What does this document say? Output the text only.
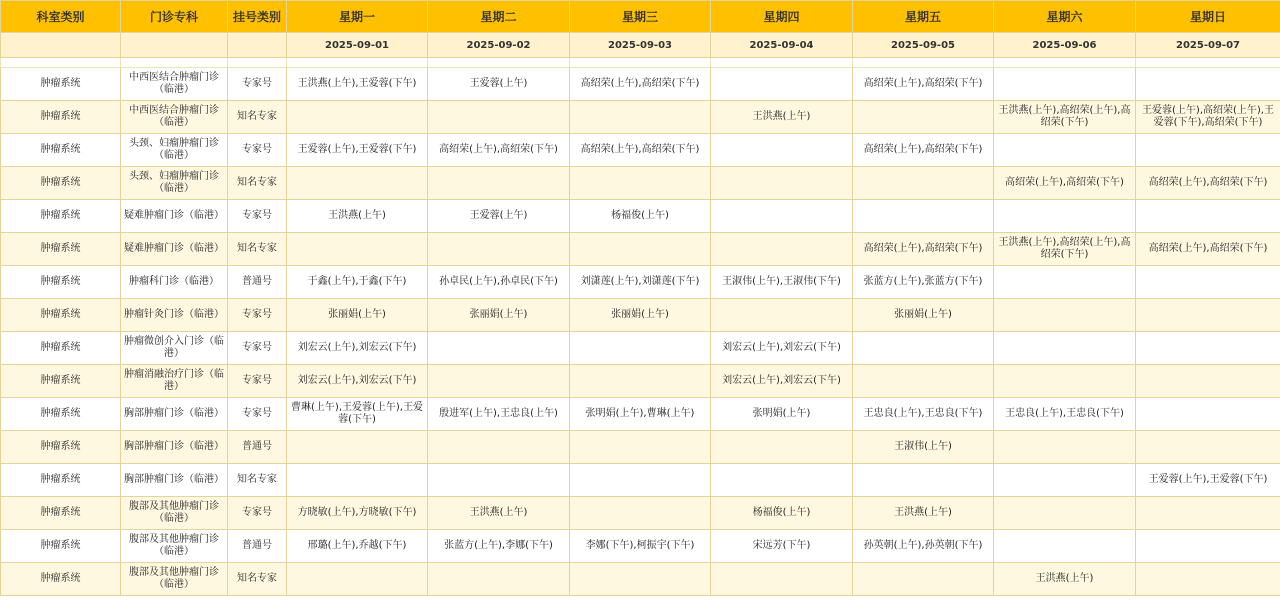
科室类别	门诊专科	挂号类别	星期一	星期二	星期三	星期四	星期五	星期六	星期日
			2025-09-01	2025-09-02	2025-09-03	2025-09-04	2025-09-05	2025-09-06	2025-09-07

肿瘤系统	中西医结合肿瘤门诊（临港）	专家号	王洪燕(上午),王爱蓉(下午)	王爱蓉(上午)	高绍荣(上午),高绍荣(下午)		高绍荣(上午),高绍荣(下午)		
肿瘤系统	中西医结合肿瘤门诊（临港）	知名专家				王洪燕(上午)		王洪燕(上午),高绍荣(上午),高绍荣(下午)	王爱蓉(上午),高绍荣(上午),王爱蓉(下午),高绍荣(下午)
肿瘤系统	头颈、妇瘤肿瘤门诊（临港）	专家号	王爱蓉(上午),王爱蓉(下午)	高绍荣(上午),高绍荣(下午)	高绍荣(上午),高绍荣(下午)		高绍荣(上午),高绍荣(下午)		
肿瘤系统	头颈、妇瘤肿瘤门诊（临港）	知名专家						高绍荣(上午),高绍荣(下午)	高绍荣(上午),高绍荣(下午)
肿瘤系统	疑难肿瘤门诊（临港）	专家号	王洪燕(上午)	王爱蓉(上午)	杨福俊(上午)				
肿瘤系统	疑难肿瘤门诊（临港）	知名专家					高绍荣(上午),高绍荣(下午)	王洪燕(上午),高绍荣(上午),高绍荣(下午)	高绍荣(上午),高绍荣(下午)
肿瘤系统	肿瘤科门诊（临港）	普通号	于鑫(上午),于鑫(下午)	孙卓民(上午),孙卓民(下午)	刘潇莲(上午),刘潇莲(下午)	王淑伟(上午),王淑伟(下午)	张蓝方(上午),张蓝方(下午)		
肿瘤系统	肿瘤针灸门诊（临港）	专家号	张丽娟(上午)	张丽娟(上午)	张丽娟(上午)		张丽娟(上午)		
肿瘤系统	肿瘤微创介入门诊（临港）	专家号	刘宏云(上午),刘宏云(下午)			刘宏云(上午),刘宏云(下午)			
肿瘤系统	肿瘤消融治疗门诊（临港）	专家号	刘宏云(上午),刘宏云(下午)			刘宏云(上午),刘宏云(下午)			
肿瘤系统	胸部肿瘤门诊（临港）	专家号	曹琳(上午),王爱蓉(上午),王爱蓉(下午)	殷进军(上午),王忠良(上午)	张明娟(上午),曹琳(上午)	张明娟(上午)	王忠良(上午),王忠良(下午)	王忠良(上午),王忠良(下午)	
肿瘤系统	胸部肿瘤门诊（临港）	普通号					王淑伟(上午)		
肿瘤系统	胸部肿瘤门诊（临港）	知名专家							王爱蓉(上午),王爱蓉(下午)
肿瘤系统	腹部及其他肿瘤门诊（临港）	专家号	方晓敏(上午),方晓敏(下午)	王洪燕(上午)		杨福俊(上午)	王洪燕(上午)		
肿瘤系统	腹部及其他肿瘤门诊（临港）	普通号	邢璐(上午),乔越(下午)	张蓝方(上午),李娜(下午)	李娜(下午),柯振宇(下午)	宋远芳(下午)	孙英朝(上午),孙英朝(下午)		
肿瘤系统	腹部及其他肿瘤门诊（临港）	知名专家						王洪燕(上午)	
